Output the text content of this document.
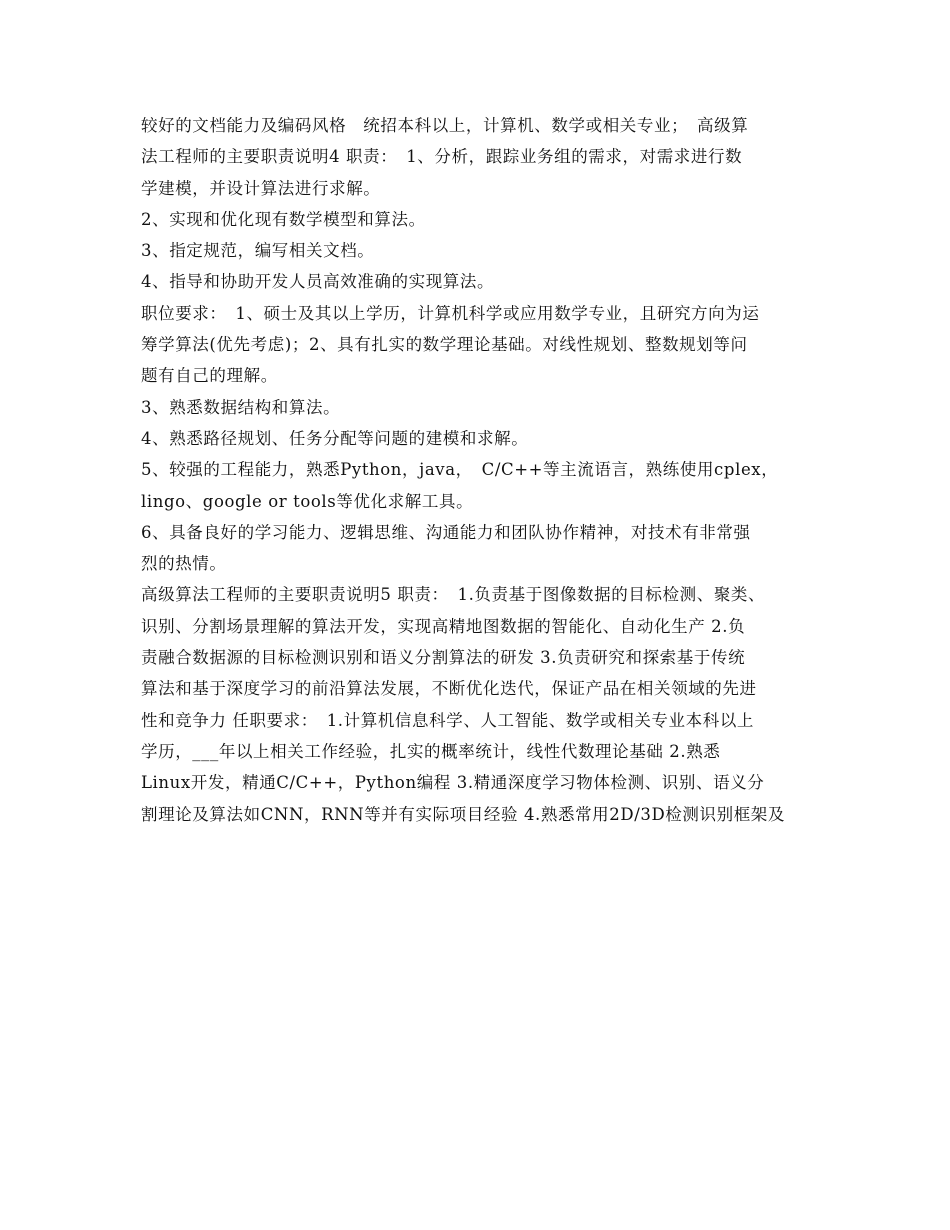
较好的文档能力及编码风格　统招本科以上，计算机、数学或相关专业；　高级算
法工程师的主要职责说明4 职责：　1、分析，跟踪业务组的需求，对需求进行数
学建模，并设计算法进行求解。
2、实现和优化现有数学模型和算法。
3、指定规范，编写相关文档。
4、指导和协助开发人员高效准确的实现算法。
职位要求：　1、硕士及其以上学历，计算机科学或应用数学专业，且研究方向为运
筹学算法(优先考虑)；2、具有扎实的数学理论基础。对线性规划、整数规划等问
题有自己的理解。
3、熟悉数据结构和算法。
4、熟悉路径规划、任务分配等问题的建模和求解。
5、较强的工程能力，熟悉Python，java，　C/C++等主流语言，熟练使用cplex，
lingo、google or tools等优化求解工具。
6、具备良好的学习能力、逻辑思维、沟通能力和团队协作精神，对技术有非常强
烈的热情。
高级算法工程师的主要职责说明5 职责：　1.负责基于图像数据的目标检测、聚类、
识别、分割场景理解的算法开发，实现高精地图数据的智能化、自动化生产 2.负
责融合数据源的目标检测识别和语义分割算法的研发 3.负责研究和探索基于传统
算法和基于深度学习的前沿算法发展，不断优化迭代，保证产品在相关领域的先进
性和竞争力 任职要求：　1.计算机信息科学、人工智能、数学或相关专业本科以上
学历，___年以上相关工作经验，扎实的概率统计，线性代数理论基础 2.熟悉
Linux开发，精通C/C++，Python编程 3.精通深度学习物体检测、识别、语义分
割理论及算法如CNN，RNN等并有实际项目经验 4.熟悉常用2D/3D检测识别框架及
